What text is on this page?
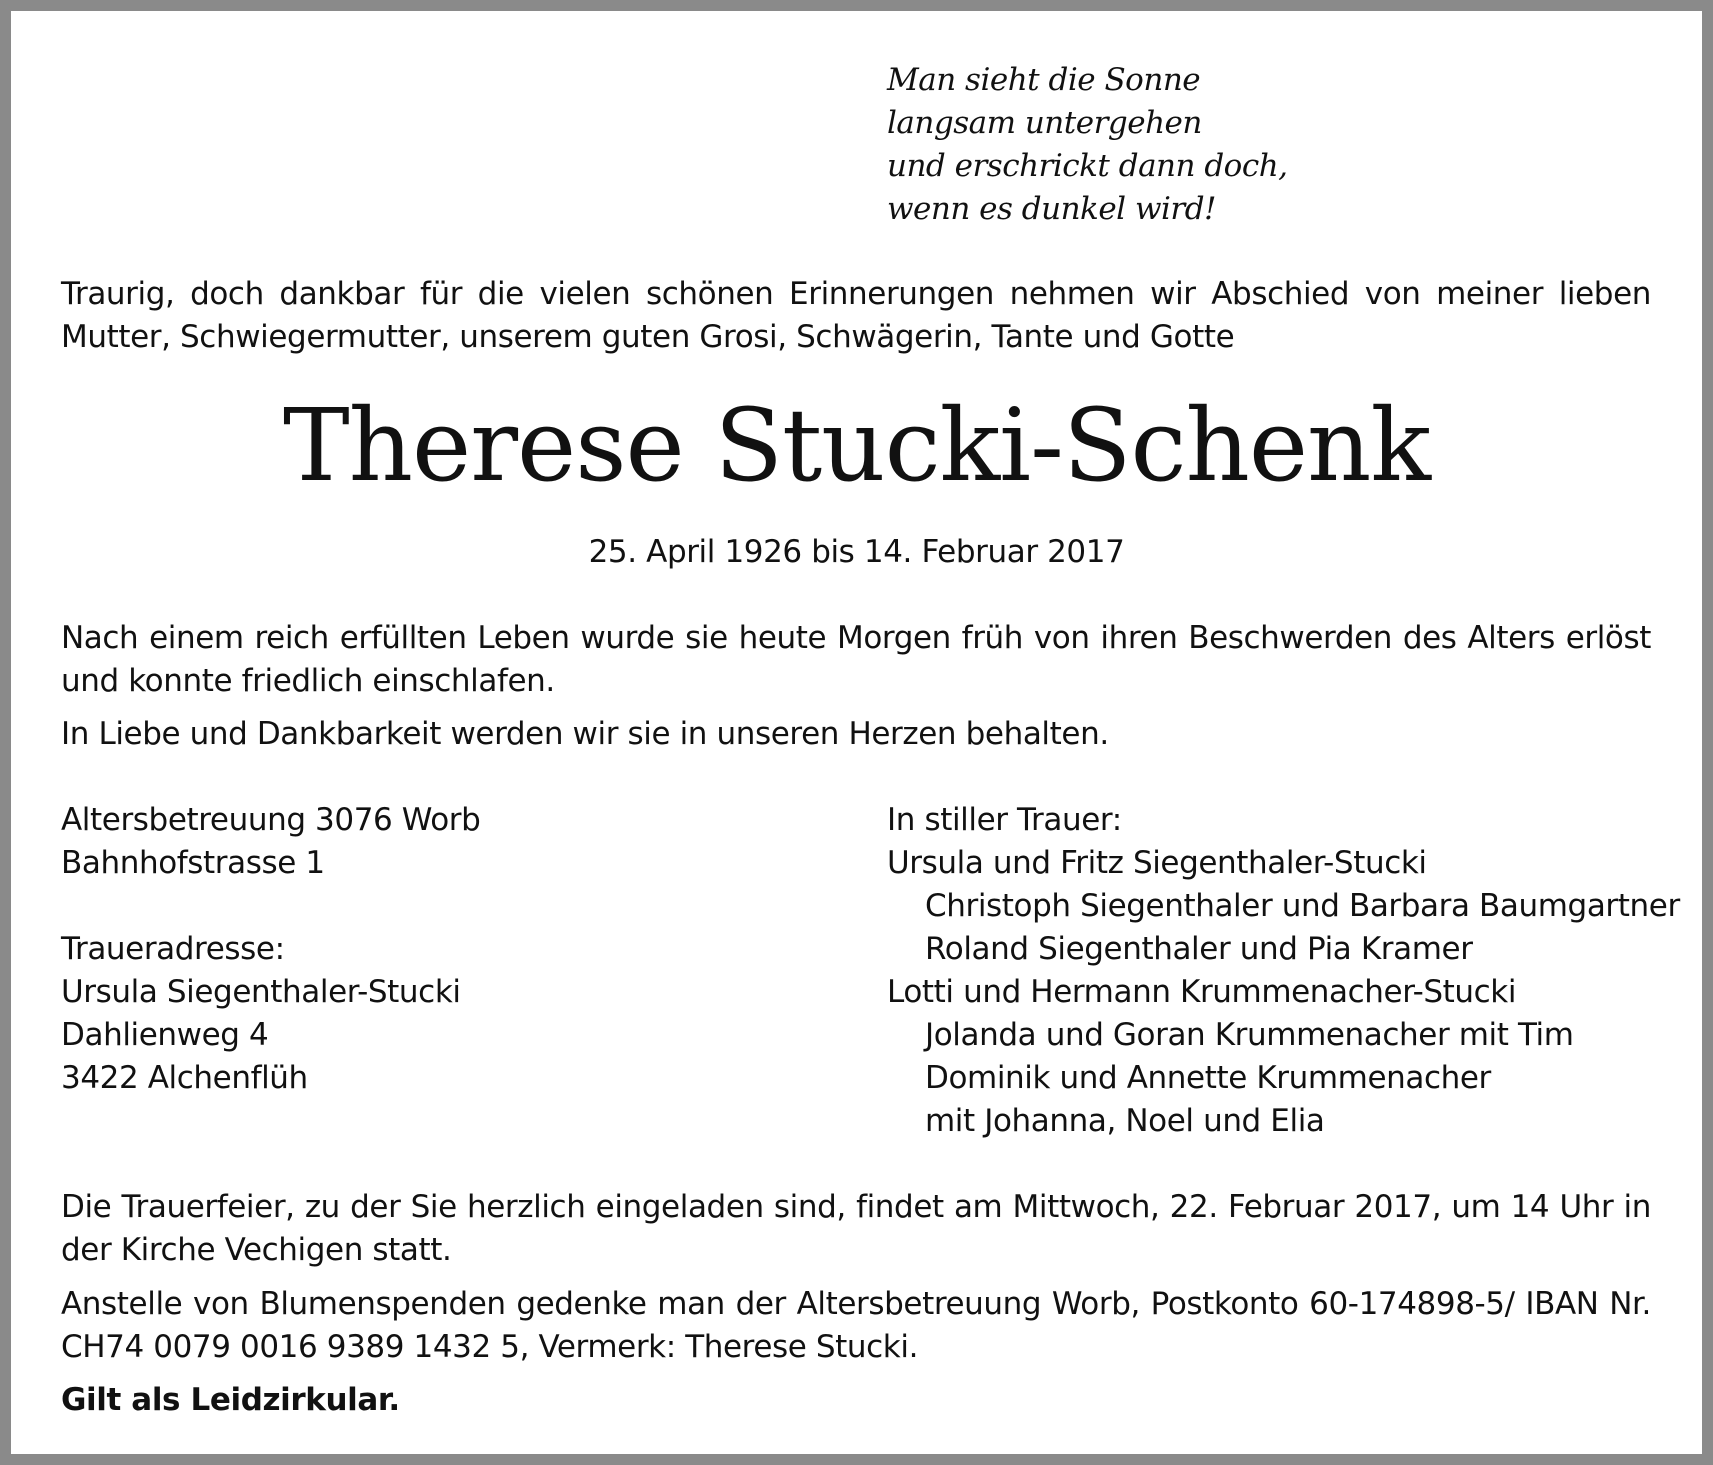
Man sieht die Sonne
langsam untergehen
und erschrickt dann doch,
wenn es dunkel wird!
Traurig, doch dankbar für die vielen schönen Erinnerungen nehmen wir Abschied von meiner lieben Mutter, Schwiegermutter, unserem guten Grosi, Schwägerin, Tante und Gotte
Therese Stucki-Schenk
25. April 1926 bis 14. Februar 2017
Nach einem reich erfüllten Leben wurde sie heute Morgen früh von ihren Beschwerden des Alters erlöst und konnte friedlich einschlafen.
In Liebe und Dankbarkeit werden wir sie in unseren Herzen behalten.
Altersbetreuung 3076 Worb
Bahnhofstrasse 1
Traueradresse:
Ursula Siegenthaler-Stucki
Dahlienweg 4
3422 Alchenflüh
In stiller Trauer:
Ursula und Fritz Siegenthaler-Stucki
Christoph Siegenthaler und Barbara Baumgartner
Roland Siegenthaler und Pia Kramer
Lotti und Hermann Krummenacher-Stucki
Jolanda und Goran Krummenacher mit Tim
Dominik und Annette Krummenacher
mit Johanna, Noel und Elia
Die Trauerfeier, zu der Sie herzlich eingeladen sind, findet am Mittwoch, 22. Februar 2017, um 14 Uhr in der Kirche Vechigen statt.
Anstelle von Blumenspenden gedenke man der Altersbetreuung Worb, Postkonto 60-174898-5/ IBAN Nr. CH74 0079 0016 9389 1432 5, Vermerk: Therese Stucki.
Gilt als Leidzirkular.
